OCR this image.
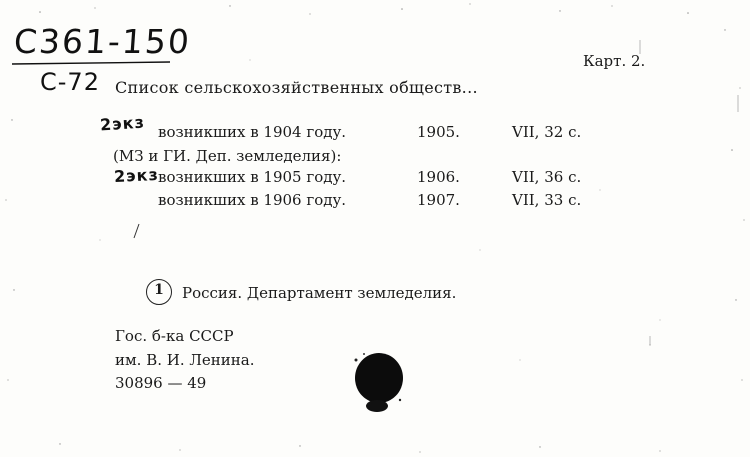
С361-150
С-72
Карт. 2.
Список сельскохозяйственных обществ...
2экз возникших в 1904 году.	1905.	VII, 32 с.
(МЗ и ГИ. Деп. земледелия):
2экз
возникших в 1905 году.	1906.	VII, 36 с.
возникших в 1906 году.	1907.	VII, 33 с.
1	Россия. Департамент земледелия.
Гос. б-ка СССР
им. В. И. Ленина.
30896 — 49
